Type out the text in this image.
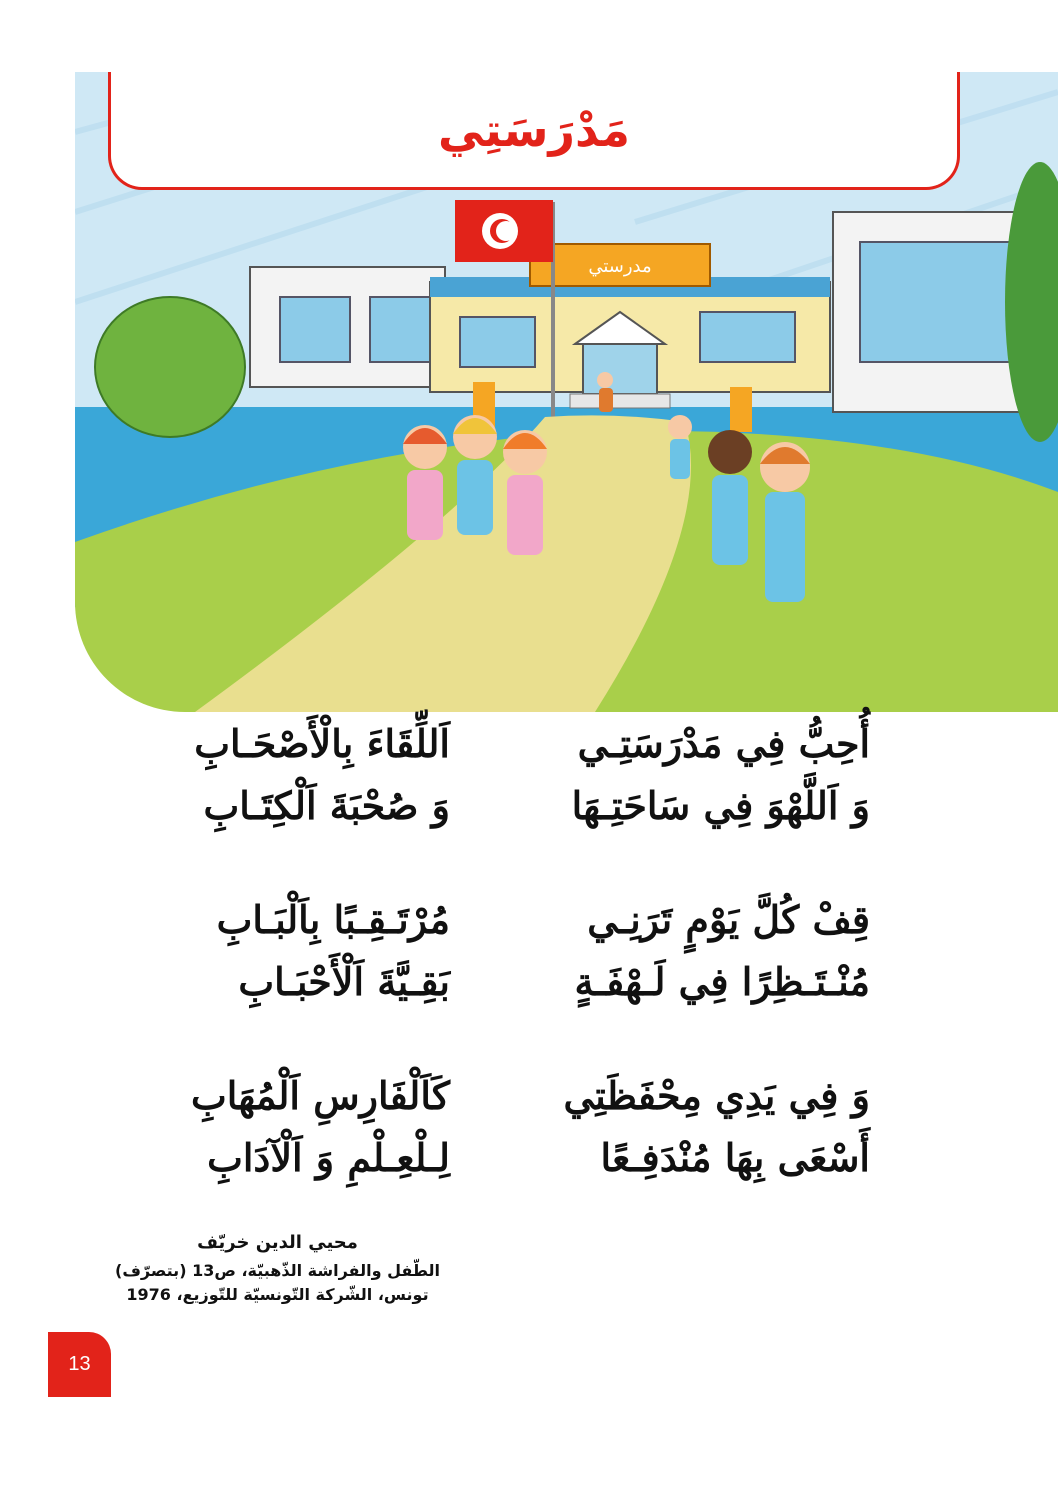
مدرستي
مَدْرَسَتِي
أُحِبُّ فِي مَدْرَسَتِـي
اَللِّقَاءَ بِالْأَصْحَـابِ
وَ اَللَّهْوَ فِي سَاحَتِـهَا
وَ صُحْبَةَ اَلْكِتَـابِ
قِفْ كُلَّ يَوْمٍ تَرَنِـي
مُرْتَـقِـبًا بِاَلْبَـابِ
مُنْـتَـظِرًا فِي لَـهْفَـةٍ
بَقِـيَّةَ اَلْأَحْبَـابِ
وَ فِي يَدِي مِحْفَظَتِي
كَاَلْفَارِسِ اَلْمُهَابِ
أَسْعَى بِهَا مُنْدَفِـعًا
لِـلْعِـلْمِ وَ اَلْآدَابِ
محيي الدين خريّف
الطّفل والفراشة الذّهبيّة، ص13 (بتصرّف)
تونس، الشّركة التّونسيّة للتّوزيع، 1976
13
